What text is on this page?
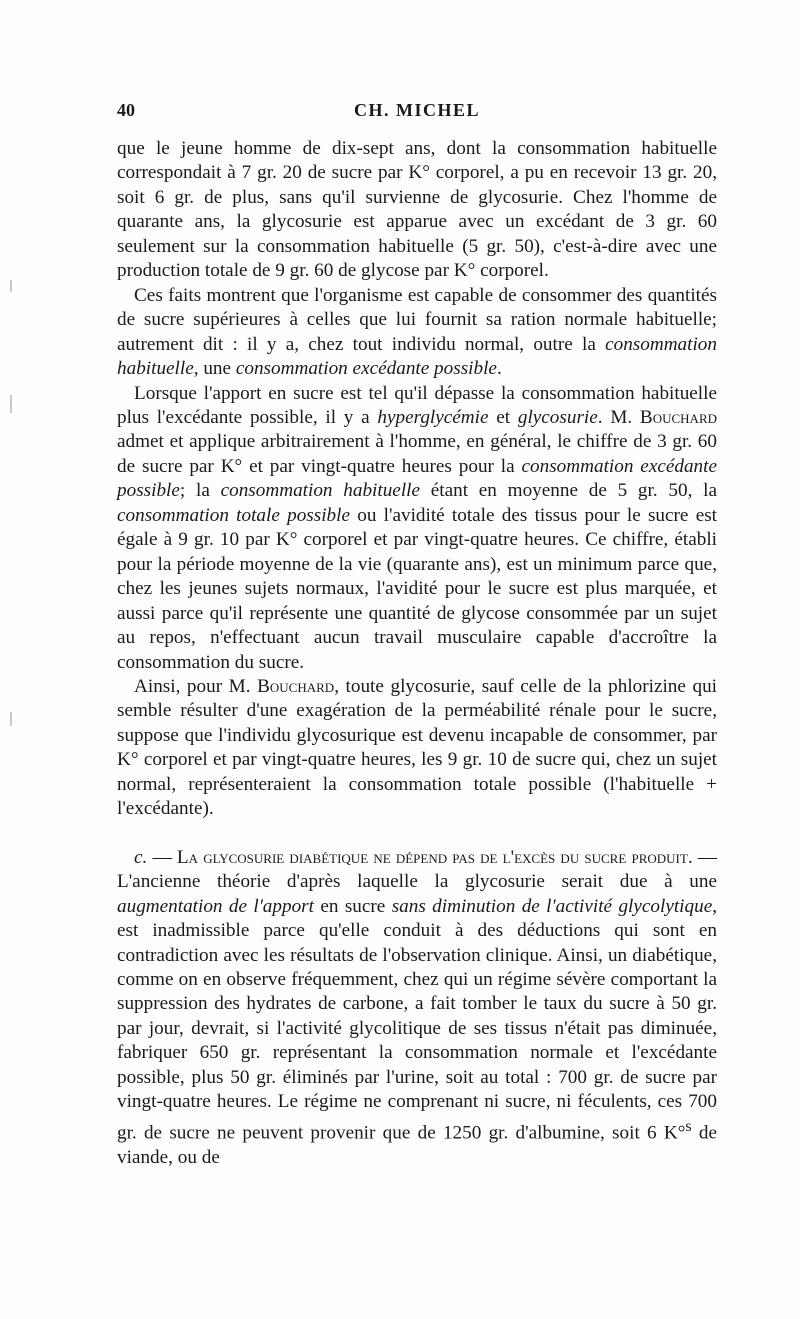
40	CH. MICHEL

que le jeune homme de dix-sept ans, dont la consommation habituelle correspondait à 7 gr. 20 de sucre par K° corporel, a pu en recevoir 13 gr. 20, soit 6 gr. de plus, sans qu'il survienne de glycosurie. Chez l'homme de quarante ans, la glycosurie est apparue avec un excédant de 3 gr. 60 seulement sur la consommation habituelle (5 gr. 50), c'est-à-dire avec une production totale de 9 gr. 60 de glycose par K° corporel.

Ces faits montrent que l'organisme est capable de consommer des quantités de sucre supérieures à celles que lui fournit sa ration normale habituelle; autrement dit : il y a, chez tout individu normal, outre la consommation habituelle, une consommation excédante possible.

Lorsque l'apport en sucre est tel qu'il dépasse la consommation habituelle plus l'excédante possible, il y a hyperglycémie et glycosurie. M. Bouchard admet et applique arbitrairement à l'homme, en général, le chiffre de 3 gr. 60 de sucre par K° et par vingt-quatre heures pour la consommation excédante possible; la consommation habituelle étant en moyenne de 5 gr. 50, la consommation totale possible ou l'avidité totale des tissus pour le sucre est égale à 9 gr. 10 par K° corporel et par vingt-quatre heures. Ce chiffre, établi pour la période moyenne de la vie (quarante ans), est un minimum parce que, chez les jeunes sujets normaux, l'avidité pour le sucre est plus marquée, et aussi parce qu'il représente une quantité de glycose consommée par un sujet au repos, n'effectuant aucun travail musculaire capable d'accroître la consommation du sucre.

Ainsi, pour M. Bouchard, toute glycosurie, sauf celle de la phlorizine qui semble résulter d'une exagération de la perméabilité rénale pour le sucre, suppose que l'individu glycosurique est devenu incapable de consommer, par K° corporel et par vingt-quatre heures, les 9 gr. 10 de sucre qui, chez un sujet normal, représenteraient la consommation totale possible (l'habituelle + l'excédante).

c. — La glycosurie diabétique ne dépend pas de l'excès du sucre produit. — L'ancienne théorie d'après laquelle la glycosurie serait due à une augmentation de l'apport en sucre sans diminution de l'activité glycolytique, est inadmissible parce qu'elle conduit à des déductions qui sont en contradiction avec les résultats de l'observation clinique. Ainsi, un diabétique, comme on en observe fréquemment, chez qui un régime sévère comportant la suppression des hydrates de carbone, a fait tomber le taux du sucre à 50 gr. par jour, devrait, si l'activité glycolitique de ses tissus n'était pas diminuée, fabriquer 650 gr. représentant la consommation normale et l'excédante possible, plus 50 gr. éliminés par l'urine, soit au total : 700 gr. de sucre par vingt-quatre heures. Le régime ne comprenant ni sucre, ni féculents, ces 700 gr. de sucre ne peuvent provenir que de 1250 gr. d'albumine, soit 6 K°$^s$ de viande, ou de
